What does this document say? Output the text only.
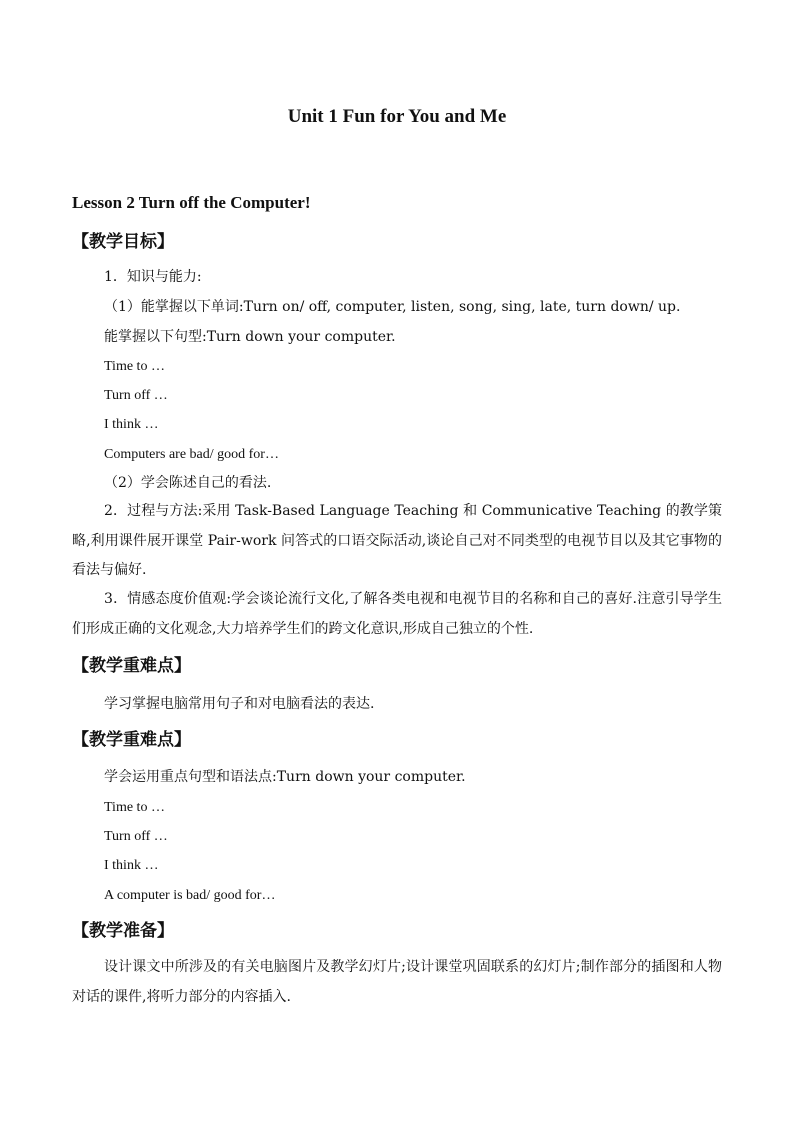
Unit 1 Fun for You and Me
Lesson 2 Turn off the Computer!
【教学目标】
1．知识与能力:
（1）能掌握以下单词:Turn on/ off, computer, listen, song, sing, late, turn down/ up.
能掌握以下句型:Turn down your computer.
Time to …
Turn off …
I think …
Computers are bad/ good for…
（2）学会陈述自己的看法.
2．过程与方法:采用 Task-Based Language Teaching 和 Communicative Teaching 的教学策略,利用课件展开课堂 Pair-work 问答式的口语交际活动,谈论自己对不同类型的电视节目以及其它事物的看法与偏好.
3．情感态度价值观:学会谈论流行文化,了解各类电视和电视节目的名称和自己的喜好.注意引导学生们形成正确的文化观念,大力培养学生们的跨文化意识,形成自己独立的个性.
【教学重难点】
学习掌握电脑常用句子和对电脑看法的表达.
【教学重难点】
学会运用重点句型和语法点:Turn down your computer.
Time to …
Turn off …
I think …
A computer is bad/ good for…
【教学准备】
设计课文中所涉及的有关电脑图片及教学幻灯片;设计课堂巩固联系的幻灯片;制作部分的插图和人物对话的课件,将听力部分的内容插入.
